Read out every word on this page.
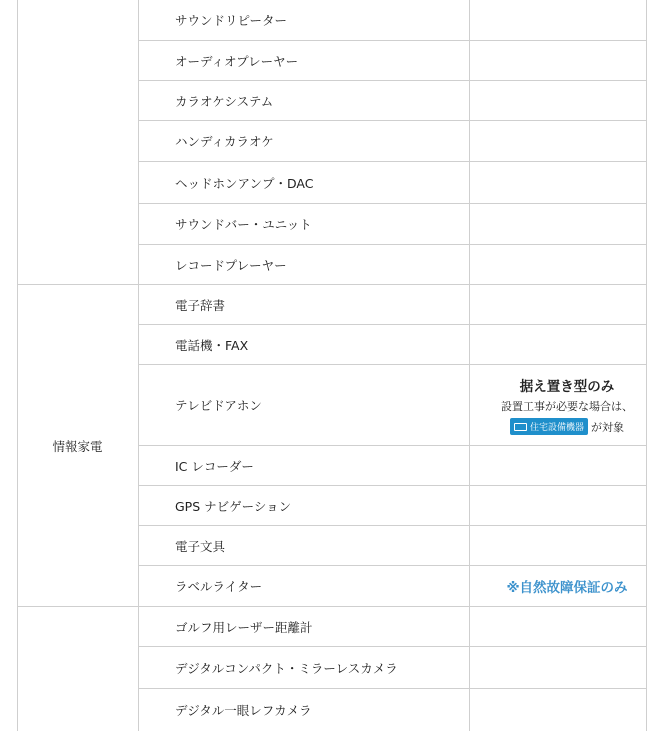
情報家電
サウンドリピーター
オーディオプレーヤー
カラオケシステム
ハンディカラオケ
ヘッドホンアンプ・DAC
サウンドバー・ユニット
レコードプレーヤー
電子辞書
電話機・FAX
テレビドアホン
IC レコーダー
GPS ナビゲーション
電子文具
ラベルライター
ゴルフ用レーザー距離計
デジタルコンパクト・ミラーレスカメラ
デジタル一眼レフカメラ
据え置き型のみ
設置工事が必要な場合は、
住宅設備機器 が対象
※自然故障保証のみ
